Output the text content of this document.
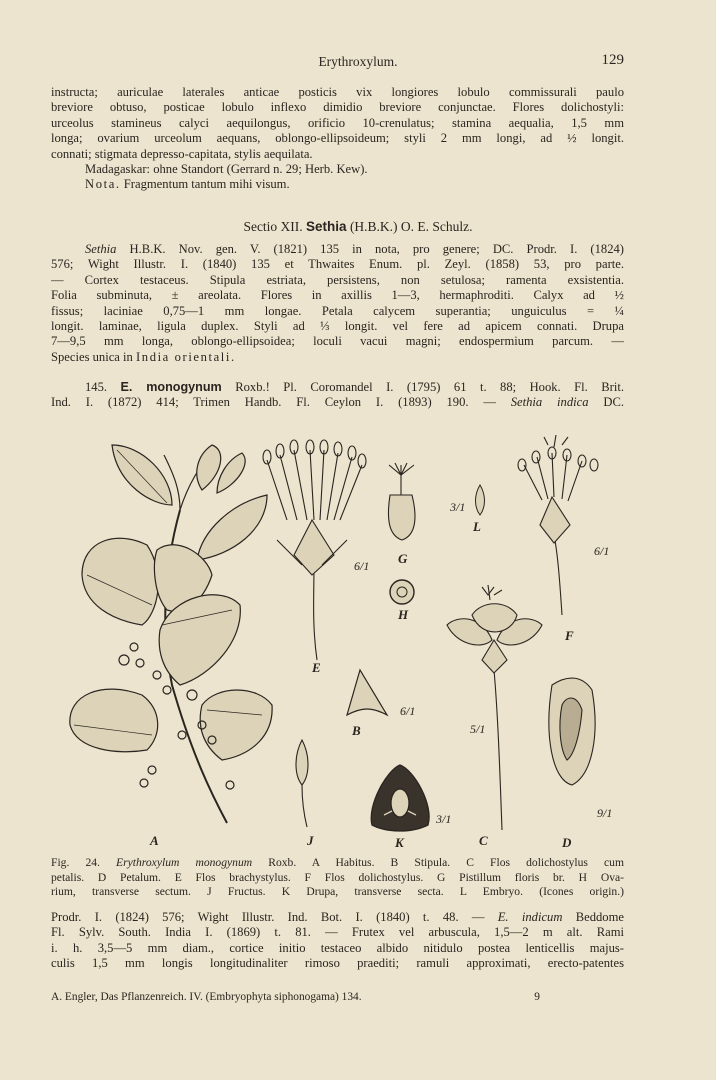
Erythroxylum.	129
instructa; auriculae laterales anticae posticis vix longiores lobulo commissurali paulo
breviore obtuso, posticae lobulo inflexo dimidio breviore conjunctae. Flores dolichostyli:
urceolus stamineus calyci aequilongus, orificio 10-crenulatus; stamina aequalia, 1,5 mm
longa; ovarium urceolum aequans, oblongo-ellipsoideum; styli 2 mm longi, ad ½ longit.
connati; stigmata depresso-capitata, stylis aequilata.
Madagaskar: ohne Standort (Gerrard n. 29; Herb. Kew).
Nota. Fragmentum tantum mihi visum.
Sectio XII. Sethia (H.B.K.) O. E. Schulz.
Sethia H.B.K. Nov. gen. V. (1821) 135 in nota, pro genere; DC. Prodr. I. (1824)
576; Wight Illustr. I. (1840) 135 et Thwaites Enum. pl. Zeyl. (1858) 53, pro parte.
— Cortex testaceus. Stipula estriata, persistens, non setulosa; ramenta exsistentia.
Folia subminuta, ± areolata. Flores in axillis 1—3, hermaphroditi. Calyx ad ½
fissus; laciniae 0,75—1 mm longae. Petala calycem superantia; unguiculus = ¼
longit. laminae, ligula duplex. Styli ad ⅓ longit. vel fere ad apicem connati. Drupa
7—9,5 mm longa, oblongo-ellipsoidea; loculi vacui magni; endospermium parcum. —
Species unica in India orientali.
145. E. monogynum Roxb.! Pl. Coromandel I. (1795) 61 t. 88; Hook. Fl. Brit.
Ind. I. (1872) 414; Trimen Handb. Fl. Ceylon I. (1893) 190. — Sethia indica DC.
A
B
C	D
E
F
G
H
J	K
L
6/1
6/1
3/1
6/1
5/1
3/1	9/1
Fig. 24. Erythroxylum monogynum Roxb. A Habitus. B Stipula. C Flos dolichostylus cum
petalis. D Petalum. E Flos brachystylus. F Flos dolichostylus. G Pistillum floris br. H Ova-
rium, transverse sectum. J Fructus. K Drupa, transverse secta. L Embryo. (Icones origin.)
Prodr. I. (1824) 576; Wight Illustr. Ind. Bot. I. (1840) t. 48. — E. indicum Beddome
Fl. Sylv. South. India I. (1869) t. 81. — Frutex vel arbuscula, 1,5—2 m alt. Rami
i. h. 3,5—5 mm diam., cortice initio testaceo albido nitidulo postea lenticellis majus-
culis 1,5 mm longis longitudinaliter rimoso praediti; ramuli approximati, erecto-patentes
A. Engler, Das Pflanzenreich. IV. (Embryophyta siphonogama) 134.	9
